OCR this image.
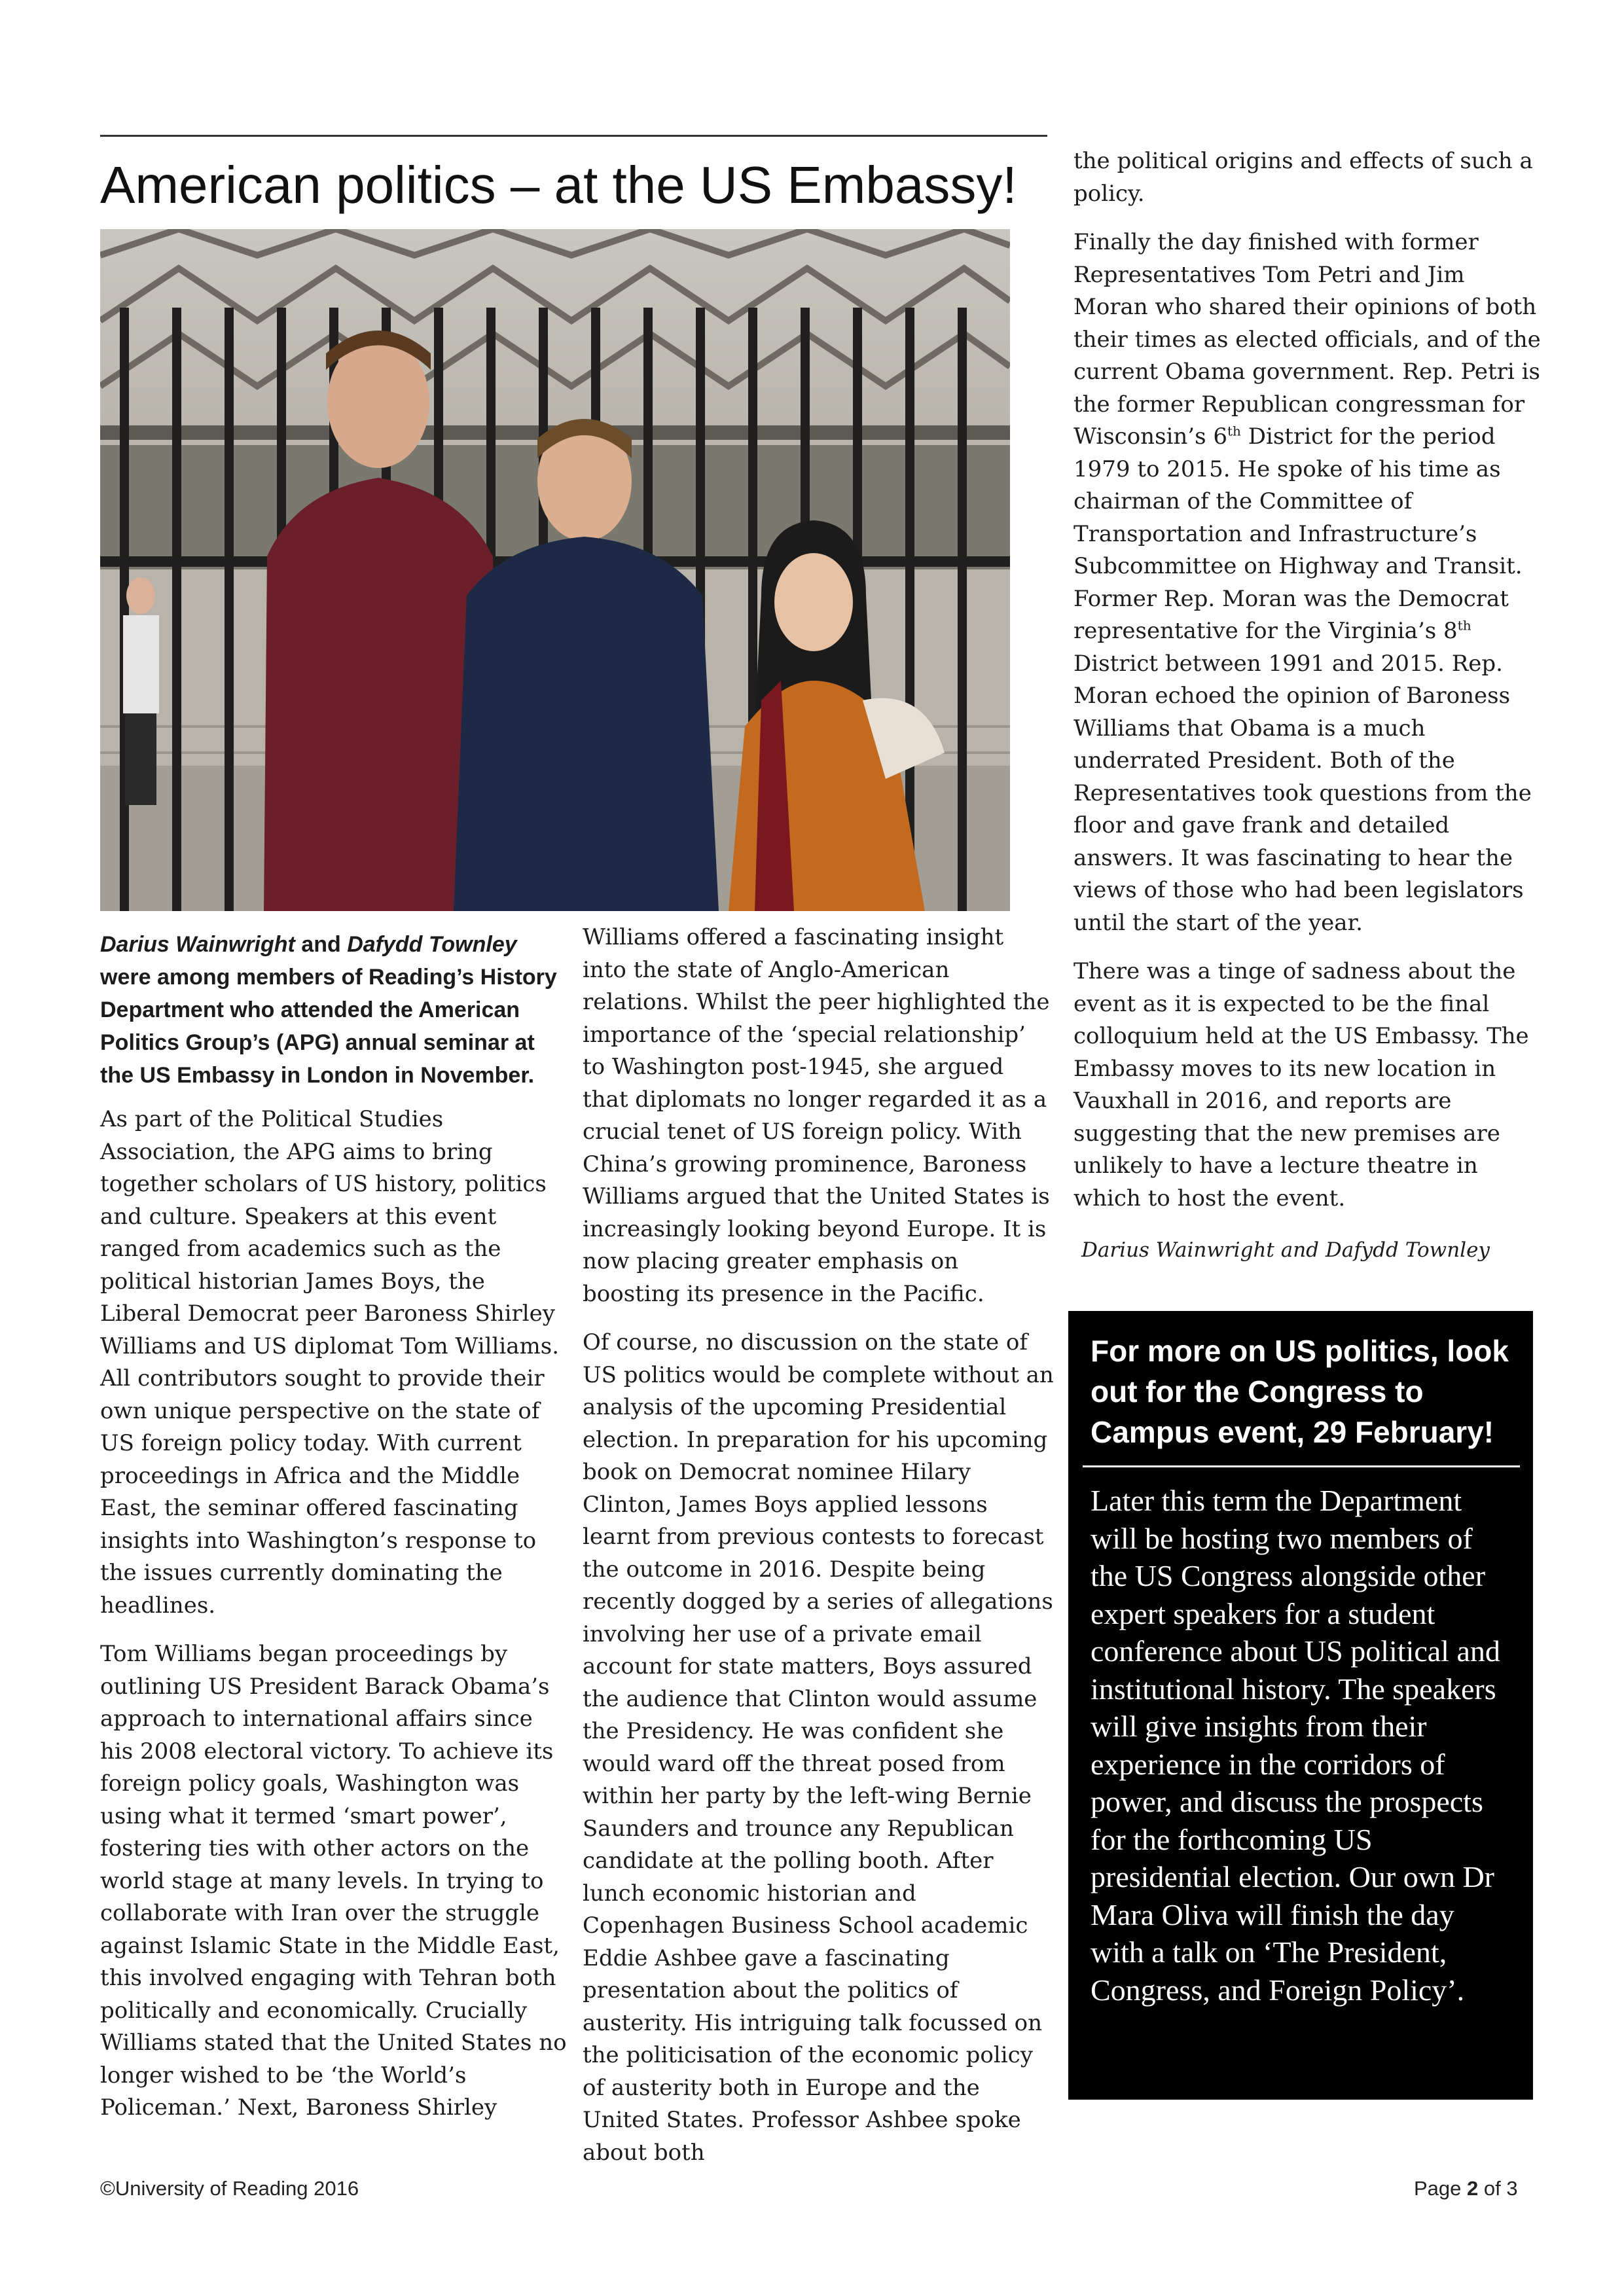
American politics – at the US Embassy!

Darius Wainwright and Dafydd Townley were among members of Reading’s History Department who attended the American Politics Group’s (APG) annual seminar at the US Embassy in London in November.

As part of the Political Studies Association, the APG aims to bring together scholars of US history, politics and culture. Speakers at this event ranged from academics such as the political historian James Boys, the Liberal Democrat peer Baroness Shirley Williams and US diplomat Tom Williams. All contributors sought to provide their own unique perspective on the state of US foreign policy today. With current proceedings in Africa and the Middle East, the seminar offered fascinating insights into Washington’s response to the issues currently dominating the headlines.

Tom Williams began proceedings by outlining US President Barack Obama’s approach to international affairs since his 2008 electoral victory. To achieve its foreign policy goals, Washington was using what it termed ‘smart power’, fostering ties with other actors on the world stage at many levels. In trying to collaborate with Iran over the struggle against Islamic State in the Middle East, this involved engaging with Tehran both politically and economically. Crucially Williams stated that the United States no longer wished to be ‘the World’s Policeman.’ Next, Baroness Shirley

Williams offered a fascinating insight into the state of Anglo-American relations. Whilst the peer highlighted the importance of the ‘special relationship’ to Washington post-1945, she argued that diplomats no longer regarded it as a crucial tenet of US foreign policy. With China’s growing prominence, Baroness Williams argued that the United States is increasingly looking beyond Europe. It is now placing greater emphasis on boosting its presence in the Pacific.

Of course, no discussion on the state of US politics would be complete without an analysis of the upcoming Presidential election. In preparation for his upcoming book on Democrat nominee Hilary Clinton, James Boys applied lessons learnt from previous contests to forecast the outcome in 2016. Despite being recently dogged by a series of allegations involving her use of a private email account for state matters, Boys assured the audience that Clinton would assume the Presidency. He was confident she would ward off the threat posed from within her party by the left-wing Bernie Saunders and trounce any Republican candidate at the polling booth. After lunch economic historian and Copenhagen Business School academic Eddie Ashbee gave a fascinating presentation about the politics of austerity. His intriguing talk focussed on the politicisation of the economic policy of austerity both in Europe and the United States. Professor Ashbee spoke about both

the political origins and effects of such a policy.

Finally the day finished with former Representatives Tom Petri and Jim Moran who shared their opinions of both their times as elected officials, and of the current Obama government. Rep. Petri is the former Republican congressman for Wisconsin’s 6th District for the period 1979 to 2015. He spoke of his time as chairman of the Committee of Transportation and Infrastructure’s Subcommittee on Highway and Transit. Former Rep. Moran was the Democrat representative for the Virginia’s 8th District between 1991 and 2015. Rep. Moran echoed the opinion of Baroness Williams that Obama is a much underrated President. Both of the Representatives took questions from the floor and gave frank and detailed answers. It was fascinating to hear the views of those who had been legislators until the start of the year.

There was a tinge of sadness about the event as it is expected to be the final colloquium held at the US Embassy. The Embassy moves to its new location in Vauxhall in 2016, and reports are suggesting that the new premises are unlikely to have a lecture theatre in which to host the event.

Darius Wainwright and Dafydd Townley

For more on US politics, look out for the Congress to Campus event, 29 February!

Later this term the Department will be hosting two members of the US Congress alongside other expert speakers for a student conference about US political and institutional history. The speakers will give insights from their experience in the corridors of power, and discuss the prospects for the forthcoming US presidential election. Our own Dr Mara Oliva will finish the day with a talk on ‘The President, Congress, and Foreign Policy’.

©University of Reading 2016	Page 2 of 3
